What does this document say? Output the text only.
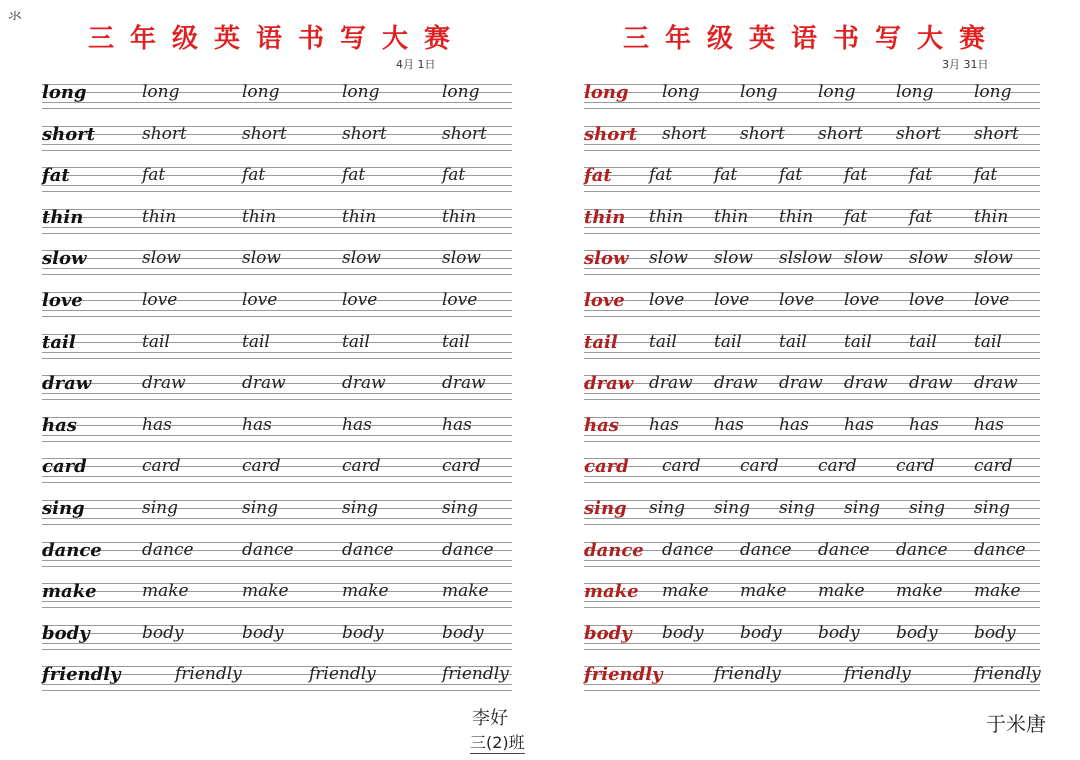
氺
三年级英语书写大赛
4月 1日
long	long	long	long	long
short	short	short	short	short
fat	fat	fat	fat	fat
thin	thin	thin	thin	thin
slow	slow	slow	slow	slow
love	love	love	love	love
tail	tail	tail	tail	tail
draw	draw	draw	draw	draw
has	has	has	has	has
card	card	card	card	card
sing	sing	sing	sing	sing
dance dance	dance	dance	dance
make	make	make	make	make
body	body	body	body	body
friendly	friendly	friendly	friendly
三年级英语书写大赛
3月 31日
long long long long long long
short short short short short short
fat fat fat fat fat fat fat
thin thin thin thin fat fat thin
slow slow slow slslow slow slow slow
love love love love love love love
tail tail tail tail tail tail tail
draw draw draw draw draw draw draw
has has has has has has has
card card card card card card
sing sing sing sing sing sing sing
dance dance dance dance dance dance
make make make make make make
body body body body body body
friendly	friendly	friendly	friendly
李好
三(2)班
于米唐
